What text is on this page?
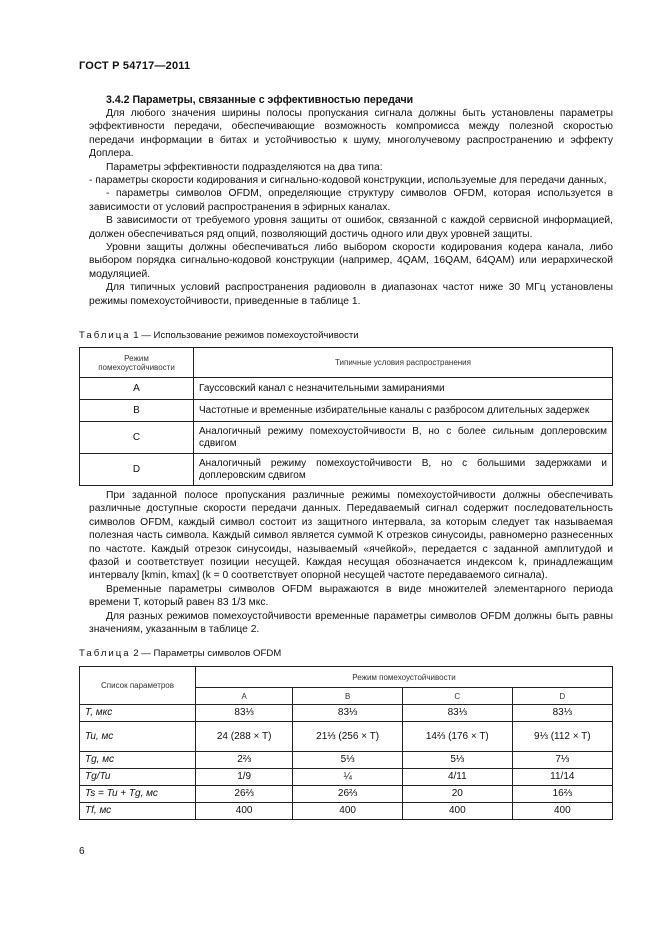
ГОСТ Р 54717—2011
3.4.2 Параметры, связанные с эффективностью передачи

Для любого значения ширины полосы пропускания сигнала должны быть установлены параметры эффективности передачи, обеспечивающие возможность компромисса между полезной скоростью передачи информации в битах и устойчивостью к шуму, многолучевому распространению и эффекту Доплера.

Параметры эффективности подразделяются на два типа:

- параметры скорости кодирования и сигнально-кодовой конструкции, используемые для передачи данных,

- параметры символов OFDM, определяющие структуру символов OFDM, которая используется в зависимости от условий распространения в эфирных каналах.

В зависимости от требуемого уровня защиты от ошибок, связанной с каждой сервисной информацией, должен обеспечиваться ряд опций, позволяющий достичь одного или двух уровней защиты.

Уровни защиты должны обеспечиваться либо выбором скорости кодирования кодера канала, либо выбором порядка сигнально-кодовой конструкции (например, 4QAM, 16QAM, 64QAM) или иерархической модуляцией.

Для типичных условий распространения радиоволн в диапазонах частот ниже 30 МГц установлены режимы помехоустойчивости, приведенные в таблице 1.

Таблица 1 — Использование режимов помехоустойчивости
Режим помехоустойчивости	Типичные условия распространения
A	Гауссовский канал с незначительными замираниями
B	Частотные и временные избирательные каналы с разбросом длительных задержек
C	Аналогичный режиму помехоустойчивости B, но с более сильным доплеровским сдвигом
D	Аналогичный режиму помехоустойчивости B, но с большими задержками и доплеровским сдвигом

При заданной полосе пропускания различные режимы помехоустойчивости должны обеспечивать различные доступные скорости передачи данных. Передаваемый сигнал содержит последовательность символов OFDM, каждый символ состоит из защитного интервала, за которым следует так называемая полезная часть символа. Каждый символ является суммой K отрезков синусоиды, равномерно разнесенных по частоте. Каждый отрезок синусоиды, называемый «ячейкой», передается с заданной амплитудой и фазой и соответствует позиции несущей. Каждая несущая обозначается индексом k, принадлежащим интервалу [kmin, kmax] (k = 0 соответствует опорной несущей частоте передаваемого сигнала).

Временные параметры символов OFDM выражаются в виде множителей элементарного периода времени T, который равен 83 1/3 мкс.

Для разных режимов помехоустойчивости временные параметры символов OFDM должны быть равны значениям, указанным в таблице 2.

Таблица 2 — Параметры символов OFDM
Список параметров	Режим помехоустойчивости			
	A	B	C	D
T, мкс	83⅓	83⅓	83⅓	83⅓
Tu, мс	24 (288 × T)	21⅓ (256 × T)	14⅔ (176 × T)	9⅓ (112 × T)
Tg, мс	2⅔	5⅓	5⅓	7⅓
Tg/Tu	1/9	¼	4/11	11/14
Ts = Tu + Tg, мс	26⅔	26⅔	20	16⅔
Tf, мс	400	400	400	400
6
